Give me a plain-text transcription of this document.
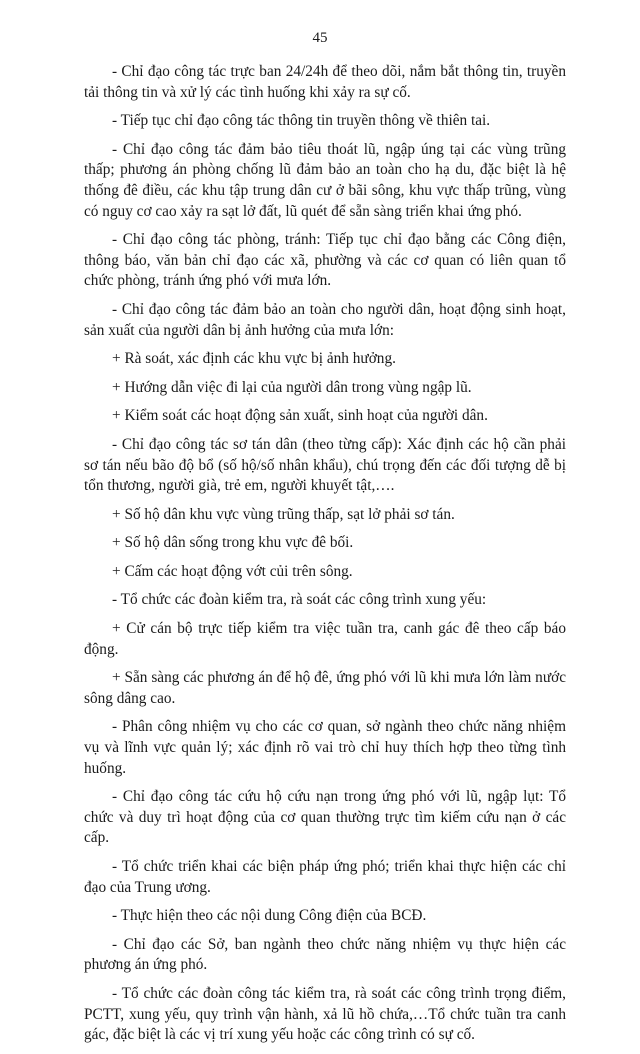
45

- Chỉ đạo công tác trực ban 24/24h để theo dõi, nắm bắt thông tin, truyền tải thông tin và xử lý các tình huống khi xảy ra sự cố.

- Tiếp tục chỉ đạo công tác thông tin truyền thông về thiên tai.

- Chỉ đạo công tác đảm bảo tiêu thoát lũ, ngập úng tại các vùng trũng thấp; phương án phòng chống lũ đảm bảo an toàn cho hạ du, đặc biệt là hệ thống đê điều, các khu tập trung dân cư ở bãi sông, khu vực thấp trũng, vùng có nguy cơ cao xảy ra sạt lở đất, lũ quét để sẵn sàng triển khai ứng phó.

- Chỉ đạo công tác phòng, tránh: Tiếp tục chỉ đạo bằng các Công điện, thông báo, văn bản chỉ đạo các xã, phường và các cơ quan có liên quan tổ chức phòng, tránh ứng phó với mưa lớn.

- Chỉ đạo công tác đảm bảo an toàn cho người dân, hoạt động sinh hoạt, sản xuất của người dân bị ảnh hưởng của mưa lớn:

+ Rà soát, xác định các khu vực bị ảnh hưởng.

+ Hướng dẫn việc đi lại của người dân trong vùng ngập lũ.

+ Kiểm soát các hoạt động sản xuất, sinh hoạt của người dân.

- Chỉ đạo công tác sơ tán dân (theo từng cấp): Xác định các hộ cần phải sơ tán nếu bão độ bổ (số hộ/số nhân khẩu), chú trọng đến các đối tượng dễ bị tổn thương, người già, trẻ em, người khuyết tật,….

+ Số hộ dân khu vực vùng trũng thấp, sạt lở phải sơ tán.

+ Số hộ dân sống trong khu vực đê bối.

+ Cấm các hoạt động vớt củi trên sông.

- Tổ chức các đoàn kiểm tra, rà soát các công trình xung yếu:

+ Cử cán bộ trực tiếp kiểm tra việc tuần tra, canh gác đê theo cấp báo động.

+ Sẵn sàng các phương án để hộ đê, ứng phó với lũ khi mưa lớn làm nước sông dâng cao.

- Phân công nhiệm vụ cho các cơ quan, sở ngành theo chức năng nhiệm vụ và lĩnh vực quản lý; xác định rõ vai trò chỉ huy thích hợp theo từng tình huống.

- Chỉ đạo công tác cứu hộ cứu nạn trong ứng phó với lũ, ngập lụt: Tổ chức và duy trì hoạt động của cơ quan thường trực tìm kiếm cứu nạn ở các cấp.

- Tổ chức triển khai các biện pháp ứng phó; triển khai thực hiện các chỉ đạo của Trung ương.

- Thực hiện theo các nội dung Công điện của BCĐ.

- Chỉ đạo các Sở, ban ngành theo chức năng nhiệm vụ thực hiện các phương án ứng phó.

- Tổ chức các đoàn công tác kiểm tra, rà soát các công trình trọng điểm, PCTT, xung yếu, quy trình vận hành, xả lũ hồ chứa,…Tổ chức tuần tra canh gác, đặc biệt là các vị trí xung yếu hoặc các công trình có sự cố.
